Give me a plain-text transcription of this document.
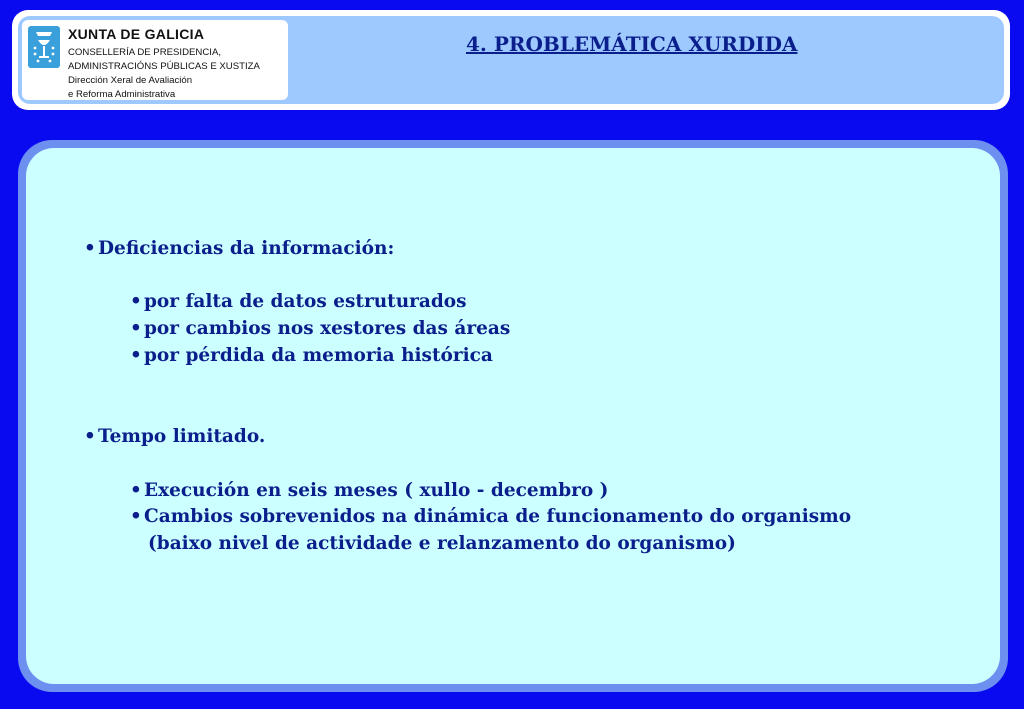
XUNTA DE GALICIA
CONSELLERÍA DE PRESIDENCIA,
ADMINISTRACIÓNS PÚBLICAS E XUSTIZA
Dirección Xeral de Avaliación
e Reforma Administrativa
4. PROBLEMÁTICA XURDIDA
• Deficiencias da información:
• por falta de datos estruturados
• por cambios nos xestores das áreas
• por pérdida da memoria histórica
• Tempo limitado.
• Execución en seis meses ( xullo - decembro )
• Cambios sobrevenidos na dinámica de funcionamento do organismo
(baixo nivel de actividade e relanzamento do organismo)
